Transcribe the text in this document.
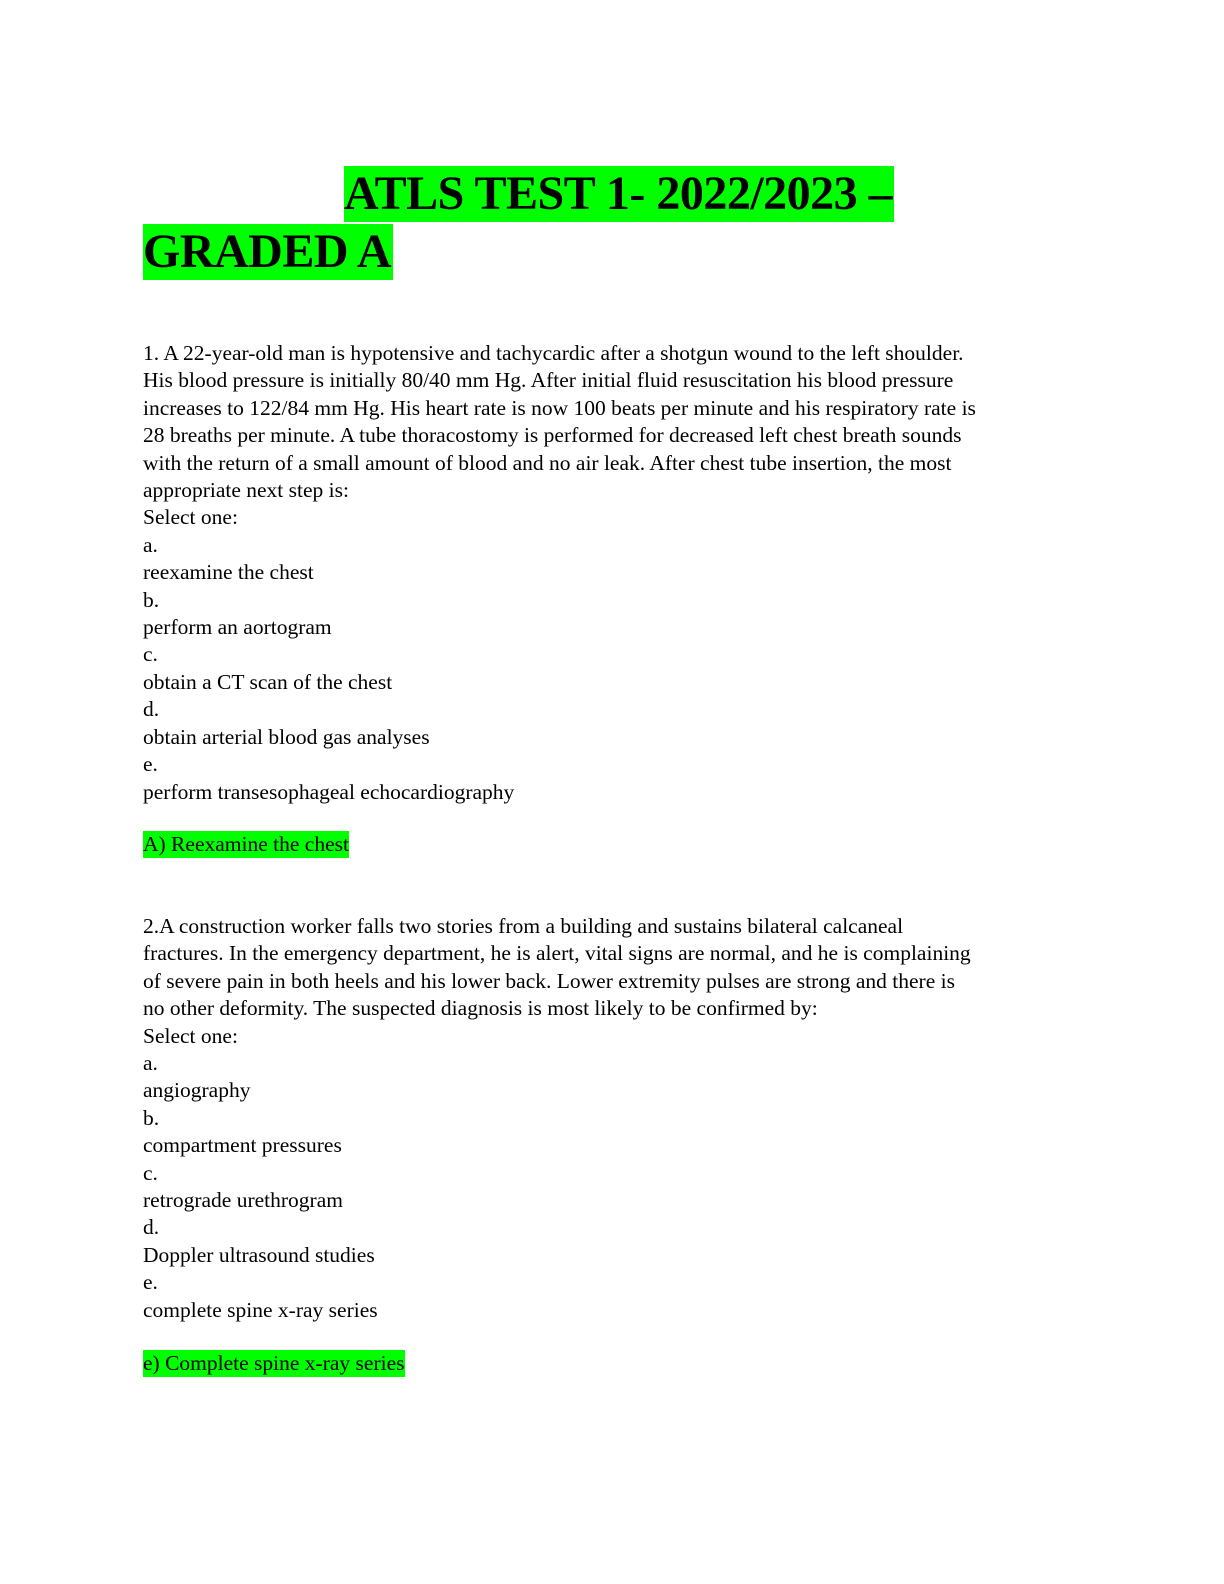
ATLS TEST 1- 2022/2023 –
GRADED A
1. A 22-year-old man is hypotensive and tachycardic after a shotgun wound to the left shoulder.
His blood pressure is initially 80/40 mm Hg. After initial fluid resuscitation his blood pressure
increases to 122/84 mm Hg. His heart rate is now 100 beats per minute and his respiratory rate is
28 breaths per minute. A tube thoracostomy is performed for decreased left chest breath sounds
with the return of a small amount of blood and no air leak. After chest tube insertion, the most
appropriate next step is:
Select one:
a.
reexamine the chest
b.
perform an aortogram
c.
obtain a CT scan of the chest
d.
obtain arterial blood gas analyses
e.
perform transesophageal echocardiography
A) Reexamine the chest
2.A construction worker falls two stories from a building and sustains bilateral calcaneal
fractures. In the emergency department, he is alert, vital signs are normal, and he is complaining
of severe pain in both heels and his lower back. Lower extremity pulses are strong and there is
no other deformity. The suspected diagnosis is most likely to be confirmed by:
Select one:
a.
angiography
b.
compartment pressures
c.
retrograde urethrogram
d.
Doppler ultrasound studies
e.
complete spine x-ray series
e) Complete spine x-ray series
